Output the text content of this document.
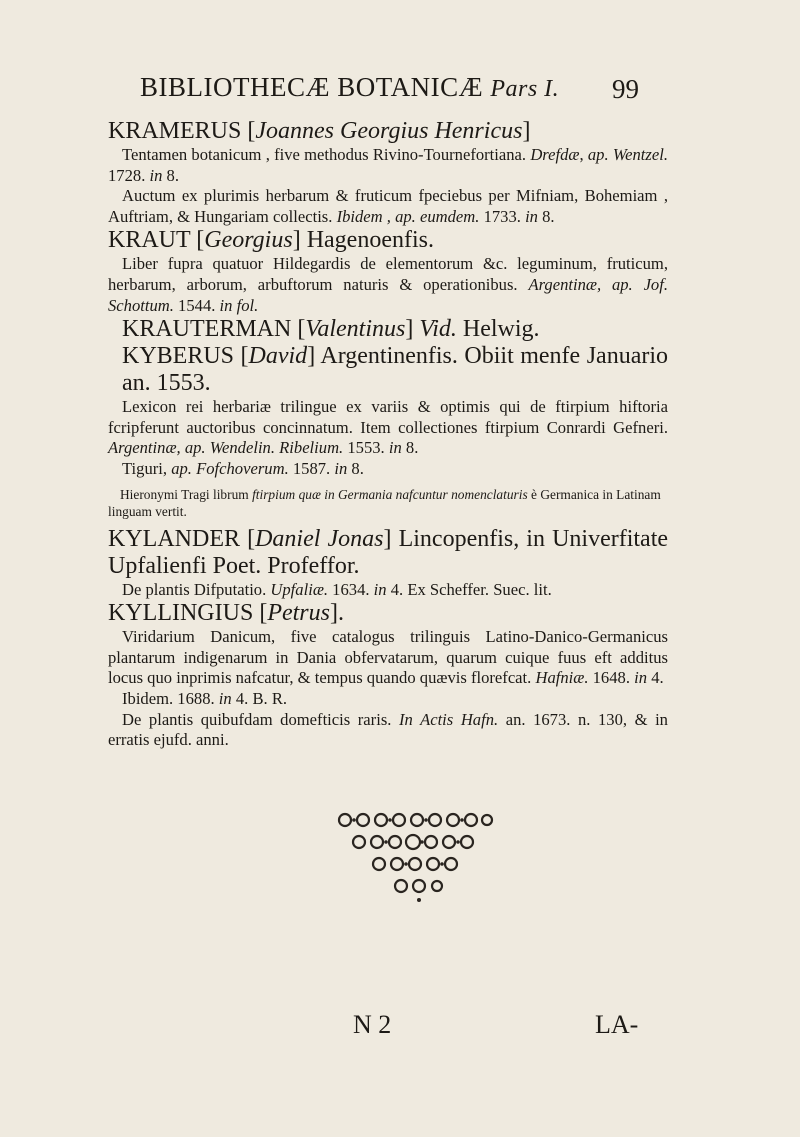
BIBLIOTHECÆ BOTANICÆ Pars I.	99

KRAMERUS [Joannes Georgius Henricus]

Tentamen botanicum , five methodus Rivino-Tournefortiana. Drefdæ, ap. Wentzel. 1728. in 8.

Auctum ex plurimis herbarum & fruticum fpeciebus per Mifniam, Bohemiam , Auftriam, & Hungariam collectis. Ibidem , ap. eumdem. 1733. in 8.

KRAUT [Georgius] Hagenoenfis.

Liber fupra quatuor Hildegardis de elementorum &c. leguminum, fruticum, herbarum, arborum, arbuftorum naturis & operationibus. Argentinæ, ap. Jof. Schottum. 1544. in fol.

KRAUTERMAN [Valentinus] Vid. Helwig.

KYBERUS [David] Argentinenfis. Obiit menfe Januario an. 1553.

Lexicon rei herbariæ trilingue ex variis & optimis qui de ftirpium hiftoria fcripferunt auctoribus concinnatum. Item collectiones ftirpium Conrardi Gefneri. Argentinæ, ap. Wendelin. Ribelium. 1553. in 8.

Tiguri, ap. Fofchoverum. 1587. in 8.

Hieronymi Tragi librum ftirpium quæ in Germania nafcuntur nomenclaturis è Germanica in Latinam linguam vertit.

KYLANDER [Daniel Jonas] Lincopenfis, in Univerfitate Upfalienfi Poet. Profeffor.

De plantis Difputatio. Upfaliæ. 1634. in 4. Ex Scheffer. Suec. lit.

KYLLINGIUS [Petrus].

Viridarium Danicum, five catalogus trilinguis Latino-Danico-Germanicus plantarum indigenarum in Dania obfervatarum, quarum cuique fuus eft additus locus quo inprimis nafcatur, & tempus quando quævis florefcat. Hafniæ. 1648. in 4.

Ibidem. 1688. in 4. B. R.

De plantis quibufdam domefticis raris. In Actis Hafn. an. 1673. n. 130, & in erratis ejufd. anni.

N 2	LA-
